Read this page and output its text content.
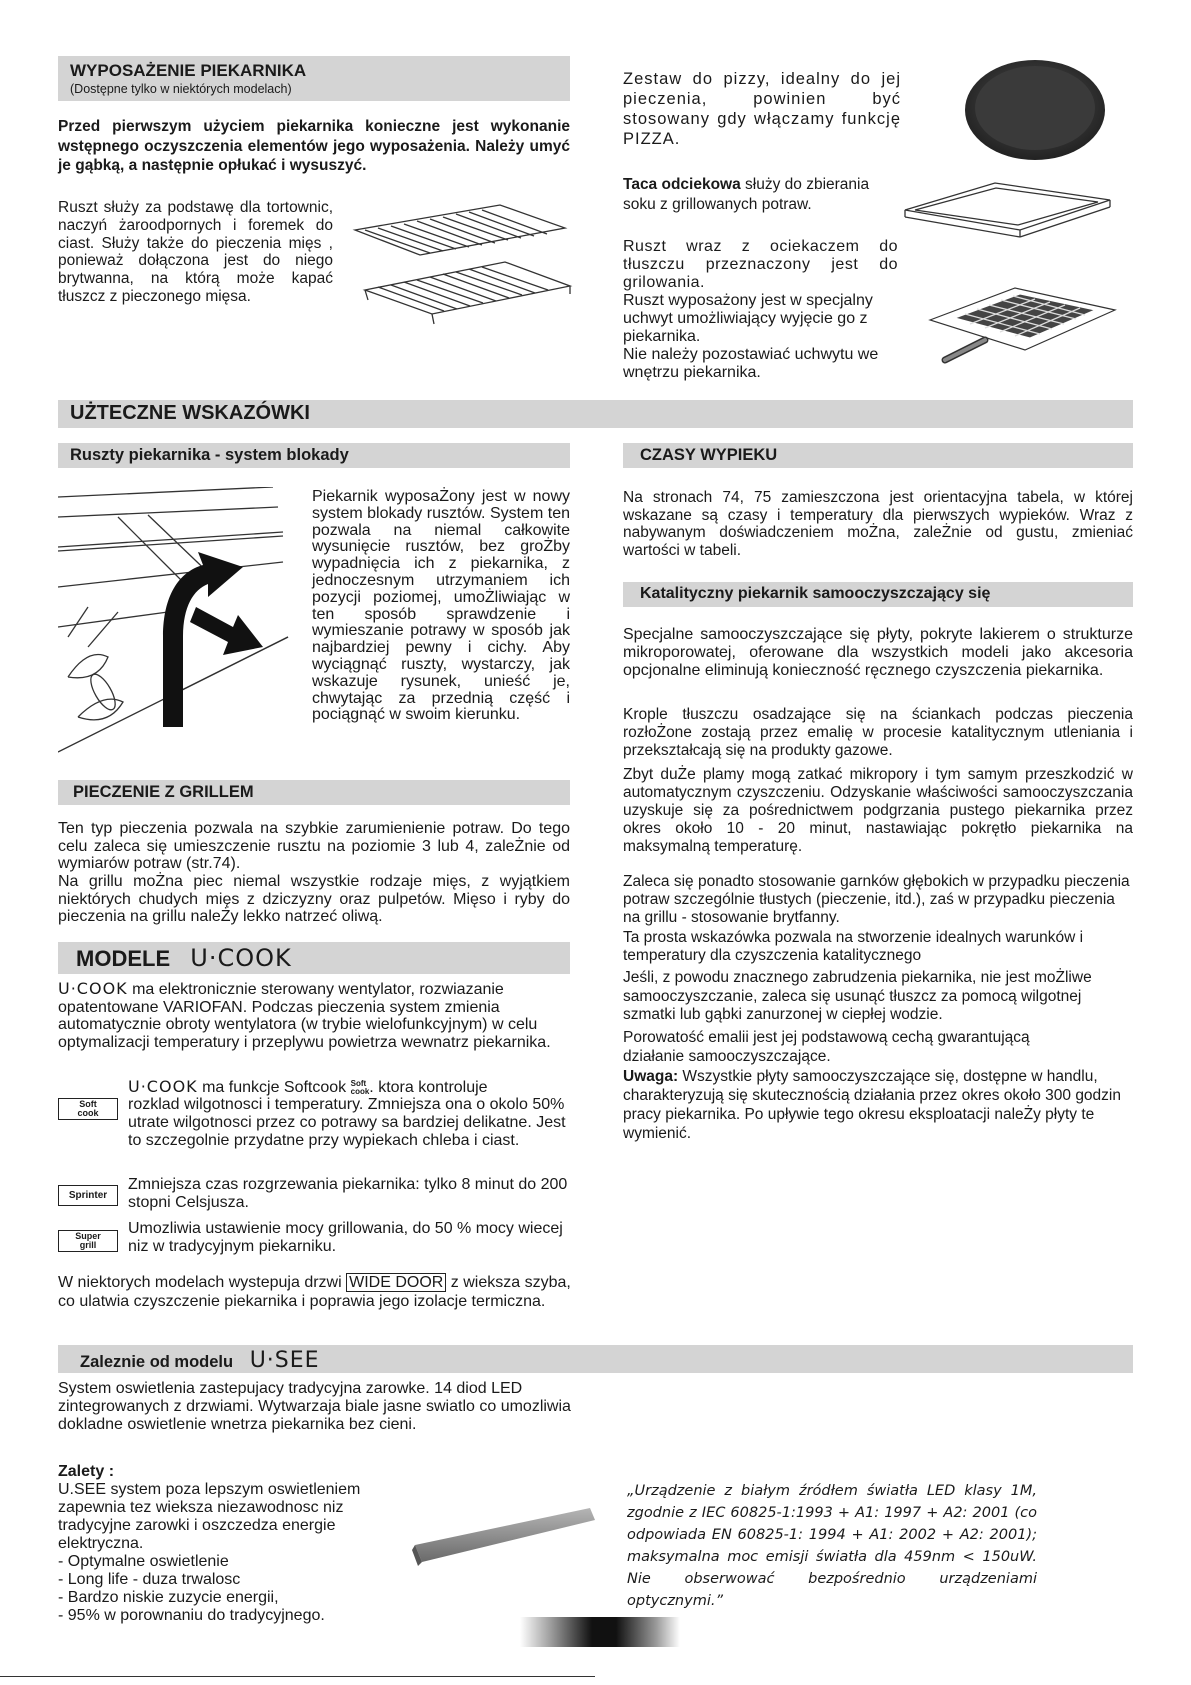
WYPOSAŻENIE PIEKARNIKA
(Dostępne tylko w niektórych modelach)
Przed pierwszym użyciem piekarnika konieczne jest wykonanie wstępnego oczyszczenia elementów jego wyposażenia. Należy umyć je gąbką, a następnie opłukać i wysuszyć.
Ruszt służy za podstawę dla tortownic, naczyń żaroodpornych i foremek do ciast. Służy także do pieczenia mięs , ponieważ dołączona jest do niego brytwanna, na którą może kapać tłuszcz z pieczonego mięsa.
Zestaw do pizzy, idealny do jej pieczenia, powinien być stosowany gdy włączamy funkcję PIZZA.
Taca odciekowa służy do zbierania soku z grillowanych potraw.
Ruszt wraz z ociekaczem do tłuszczu przeznaczony jest do grilowania.
Ruszt wyposażony jest w specjalny uchwyt umożliwiający wyjęcie go z piekarnika.
Nie należy pozostawiać uchwytu we wnętrzu piekarnika.
UŻTECZNE WSKAZÓWKI
Ruszty piekarnika - system blokady
Piekarnik wyposaŻony jest w nowy system blokady rusztów. System ten pozwala na niemal całkowite wysunięcie rusztów, bez groŻby wypadnięcia ich z piekarnika, z jednoczesnym utrzymaniem ich pozycji poziomej, umoŻliwiając w ten sposób sprawdzenie i wymieszanie potrawy w sposób jak najbardziej pewny i cichy. Aby wyciągnąć ruszty, wystarczy, jak wskazuje rysunek, unieść je, chwytając za przednią część i pociągnąć w swoim kierunku.
PIECZENIE Z GRILLEM
Ten typ pieczenia pozwala na szybkie zarumienienie potraw. Do tego celu zaleca się umieszczenie rusztu na poziomie 3 lub 4, zaleŻnie od wymiarów potraw (str.74).
Na grillu moŻna piec niemal wszystkie rodzaje mięs, z wyjątkiem niektórych chudych mięs z dziczyzny oraz pulpetów. Mięso i ryby do pieczenia na grillu naleŻy lekko natrzeć oliwą.
CZASY WYPIEKU
Na stronach 74, 75 zamieszczona jest orientacyjna tabela, w której wskazane są czasy i temperatury dla pierwszych wypieków. Wraz z nabywanym doświadczeniem moŻna, zaleŻnie od gustu, zmieniać wartości w tabeli.
Katalityczny piekarnik samooczyszczający się
Specjalne samooczyszczające się płyty, pokryte lakierem o strukturze mikroporowatej, oferowane dla wszystkich modeli jako akcesoria opcjonalne eliminują konieczność ręcznego czyszczenia piekarnika.
Krople tłuszczu osadzające się na ściankach podczas pieczenia rozłoŻone zostają przez emalię w procesie katalitycznym utleniania i przekształcają się na produkty gazowe.
Zbyt duŻe plamy mogą zatkać mikropory i tym samym przeszkodzić w automatycznym czyszczeniu. Odzyskanie właściwości samooczyszczania uzyskuje się za pośrednictwem podgrzania pustego piekarnika przez okres około 10 - 20 minut, nastawiając pokrętło piekarnika na maksymalną temperaturę.
Zaleca się ponadto stosowanie garnków głębokich w przypadku pieczenia potraw szczególnie tłustych (pieczenie, itd.), zaś w przypadku pieczenia na grillu - stosowanie brytfanny.
Ta prosta wskazówka pozwala na stworzenie idealnych warunków i temperatury dla czyszczenia katalitycznego
Jeśli, z powodu znacznego zabrudzenia piekarnika, nie jest moŻliwe samooczyszczanie, zaleca się usunąć tłuszcz za pomocą wilgotnej szmatki lub gąbki zanurzonej w ciepłej wodzie.
Porowatość emalii jest jej podstawową cechą gwarantującą działanie samooczyszczające.
Uwaga: Wszystkie płyty samooczyszczające się, dostępne w handlu, charakteryzują się skutecznością działania przez okres około 300 godzin pracy piekarnika. Po upływie tego okresu eksploatacji naleŻy płyty te wymienić.
MODELE U·COOK
U·COOK ma elektronicznie sterowany wentylator, rozwiazanie opatentowane VARIOFAN. Podczas pieczenia system zmienia automatycznie obroty wentylatora (w trybie wielofunkcyjnym) w celu optymalizacji temperatury i przeplywu powietrza wewnatrz piekarnika.
U·COOK ma funkcje Softcook Soft
cook. ktora kontroluje
rozklad wilgotnosci i temperatury. Zmniejsza ona o okolo 50% utrate wilgotnosci przez co potrawy sa bardziej delikatne. Jest to szczegolnie przydatne przy wypiekach chleba i ciast.
Soft
cook
Sprinter
Zmniejsza czas rozgrzewania piekarnika: tylko 8 minut do 200 stopni Celsjusza.
Super
grill
Umozliwia ustawienie mocy grillowania, do 50 % mocy wiecej niz w tradycyjnym piekarniku.
W niektorych modelach wystepuja drzwi WIDE DOOR z wieksza szyba, co ulatwia czyszczenie piekarnika i poprawia jego izolacje termiczna.
Zaleznie od modelu U·SEE
System oswietlenia zastepujacy tradycyjna zarowke. 14 diod LED zintegrowanych z drzwiami. Wytwarzaja biale jasne swiatlo co umozliwia dokladne oswietlenie wnetrza piekarnika bez cieni.
Zalety :
U.SEE system poza lepszym oswietleniem zapewnia tez wieksza niezawodnosc niz tradycyjne zarowki i oszczedza energie elektryczna.
- Optymalne oswietlenie
- Long life - duza trwalosc
- Bardzo niskie zuzycie energii,
- 95% w porownaniu do tradycyjnego.
„Urządzenie z białym źródłem światła LED klasy 1M, zgodnie z IEC 60825-1:1993 + A1: 1997 + A2: 2001 (co odpowiada EN 60825-1: 1994 + A1: 2002 + A2: 2001); maksymalna moc emisji światła dla 459nm < 150uW. Nie obserwować bezpośrednio urządzeniami optycznymi.”
